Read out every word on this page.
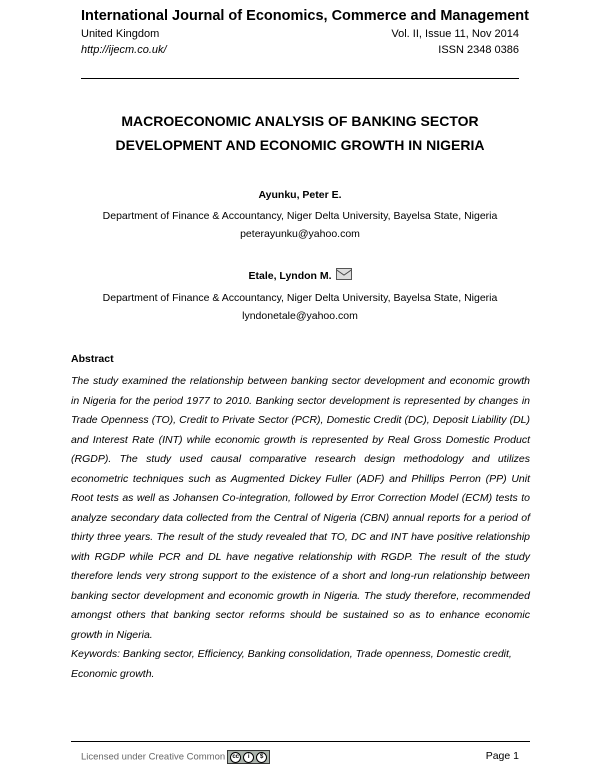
International Journal of Economics, Commerce and Management
United Kingdom	Vol. II, Issue 11, Nov 2014
http://ijecm.co.uk/	ISSN 2348 0386
MACROECONOMIC ANALYSIS OF BANKING SECTOR
DEVELOPMENT AND ECONOMIC GROWTH IN NIGERIA
Ayunku, Peter E.
Department of Finance & Accountancy, Niger Delta University, Bayelsa State, Nigeria
peterayunku@yahoo.com
Etale, Lyndon M.
Department of Finance & Accountancy, Niger Delta University, Bayelsa State, Nigeria
lyndonetale@yahoo.com
Abstract
The study examined the relationship between banking sector development and economic growth in Nigeria for the period 1977 to 2010. Banking sector development is represented by changes in Trade Openness (TO), Credit to Private Sector (PCR), Domestic Credit (DC), Deposit Liability (DL) and Interest Rate (INT) while economic growth is represented by Real Gross Domestic Product (RGDP). The study used causal comparative research design methodology and utilizes econometric techniques such as Augmented Dickey Fuller (ADF) and Phillips Perron (PP) Unit Root tests as well as Johansen Co-integration, followed by Error Correction Model (ECM) tests to analyze secondary data collected from the Central of Nigeria (CBN) annual reports for a period of thirty three years. The result of the study revealed that TO, DC and INT have positive relationship with RGDP while PCR and DL have negative relationship with RGDP. The result of the study therefore lends very strong support to the existence of a short and long-run relationship between banking sector development and economic growth in Nigeria. The study therefore, recommended amongst others that banking sector reforms should be sustained so as to enhance economic growth in Nigeria.
Keywords: Banking sector, Efficiency, Banking consolidation, Trade openness, Domestic credit, Economic growth.
Licensed under Creative Common	cc	i	$	Page 1
